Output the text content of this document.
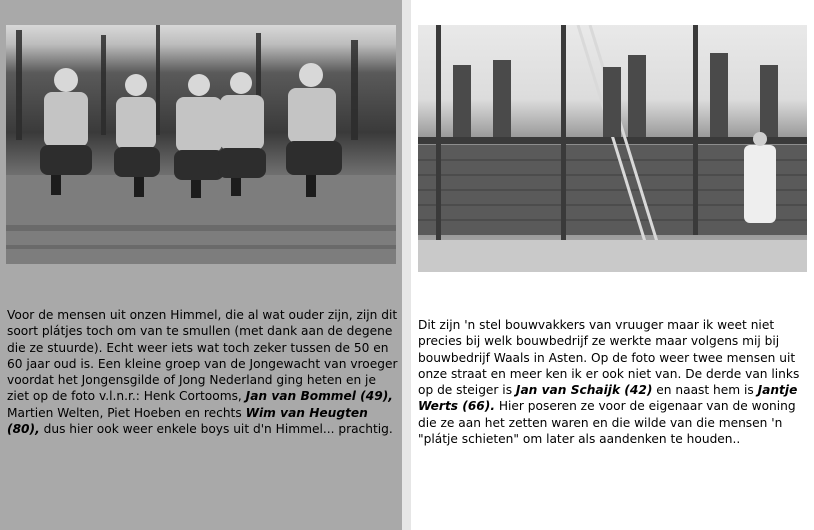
Voor de mensen uit onzen Himmel, die al wat ouder zijn, zijn dit soort plátjes toch om van te smullen (met dank aan de degene die ze stuurde). Echt weer iets wat toch zeker tussen de 50 en 60 jaar oud is. Een kleine groep van de Jongewacht van vroeger voordat het Jongensgilde of Jong Nederland ging heten en je ziet op de foto v.l.n.r.: Henk Cortooms, Jan van Bommel (49), Martien Welten, Piet Hoeben en rechts Wim van Heugten (80), dus hier ook weer enkele boys uit d'n Himmel... prachtig.
Dit zijn 'n stel bouwvakkers van vruuger maar ik weet niet precies bij welk bouwbedrijf ze werkte maar volgens mij bij bouwbedrijf Waals in Asten. Op de foto weer twee mensen uit onze straat en meer ken ik er ook niet van. De derde van links op de steiger is Jan van Schaijk (42) en naast hem is Jantje Werts (66). Hier poseren ze voor de eigenaar van de woning die ze aan het zetten waren en die wilde van die mensen 'n "plátje schieten" om later als aandenken te houden..
